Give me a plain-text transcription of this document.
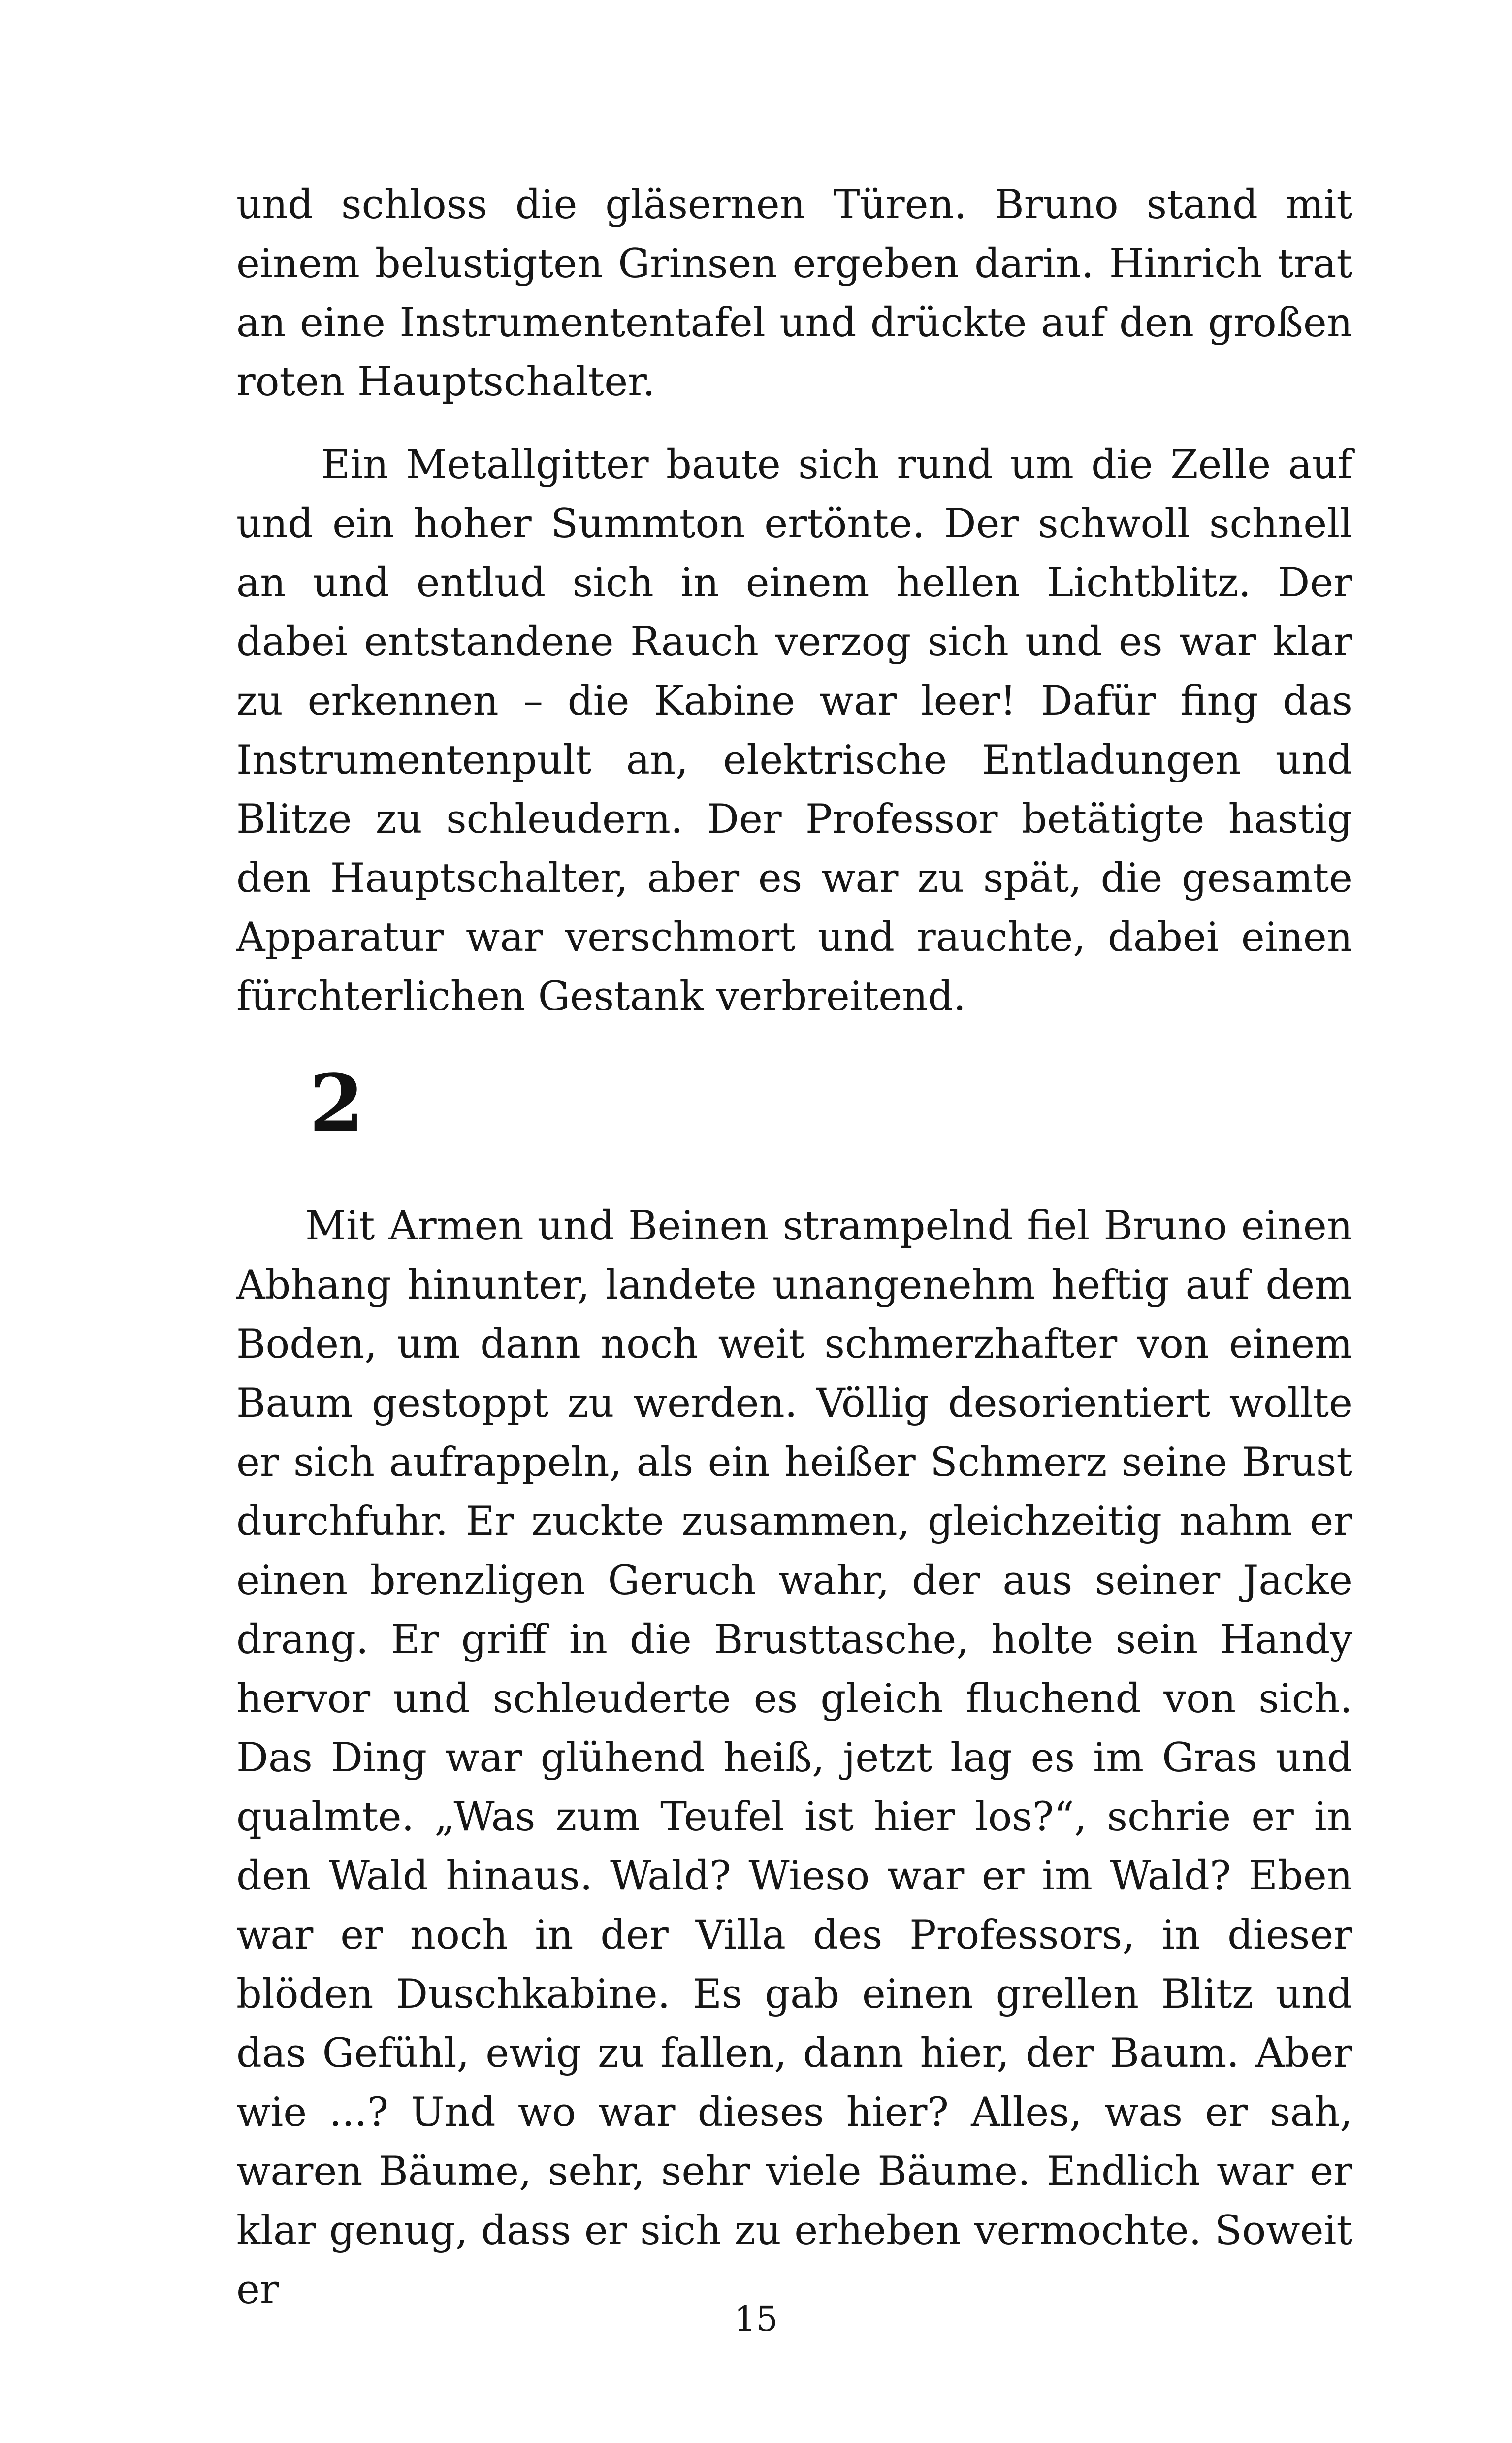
und schloss die gläsernen Türen. Bruno stand mit einem belustigten Grinsen ergeben darin. Hinrich trat an eine Instrumententafel und drückte auf den großen roten Hauptschalter.

Ein Metallgitter baute sich rund um die Zelle auf und ein hoher Summton ertönte. Der schwoll schnell an und entlud sich in einem hellen Lichtblitz. Der dabei entstandene Rauch verzog sich und es war klar zu erkennen – die Kabine war leer! Dafür fing das Instrumentenpult an, elektrische Entladungen und Blitze zu schleudern. Der Professor betätigte hastig den Hauptschalter, aber es war zu spät, die gesamte Apparatur war verschmort und rauchte, dabei einen fürchterlichen Gestank verbreitend.

2

Mit Armen und Beinen strampelnd fiel Bruno einen Abhang hinunter, landete unangenehm heftig auf dem Boden, um dann noch weit schmerzhafter von einem Baum gestoppt zu werden. Völlig desorientiert wollte er sich aufrappeln, als ein heißer Schmerz seine Brust durchfuhr. Er zuckte zusammen, gleichzeitig nahm er einen brenzligen Geruch wahr, der aus seiner Jacke drang. Er griff in die Brusttasche, holte sein Handy hervor und schleuderte es gleich fluchend von sich. Das Ding war glühend heiß, jetzt lag es im Gras und qualmte. „Was zum Teufel ist hier los?“, schrie er in den Wald hinaus. Wald? Wieso war er im Wald? Eben war er noch in der Villa des Professors, in dieser blöden Duschkabine. Es gab einen grellen Blitz und das Gefühl, ewig zu fallen, dann hier, der Baum. Aber wie ...? Und wo war dieses hier? Alles, was er sah, waren Bäume, sehr, sehr viele Bäume. Endlich war er klar genug, dass er sich zu erheben vermochte. Soweit er

15
